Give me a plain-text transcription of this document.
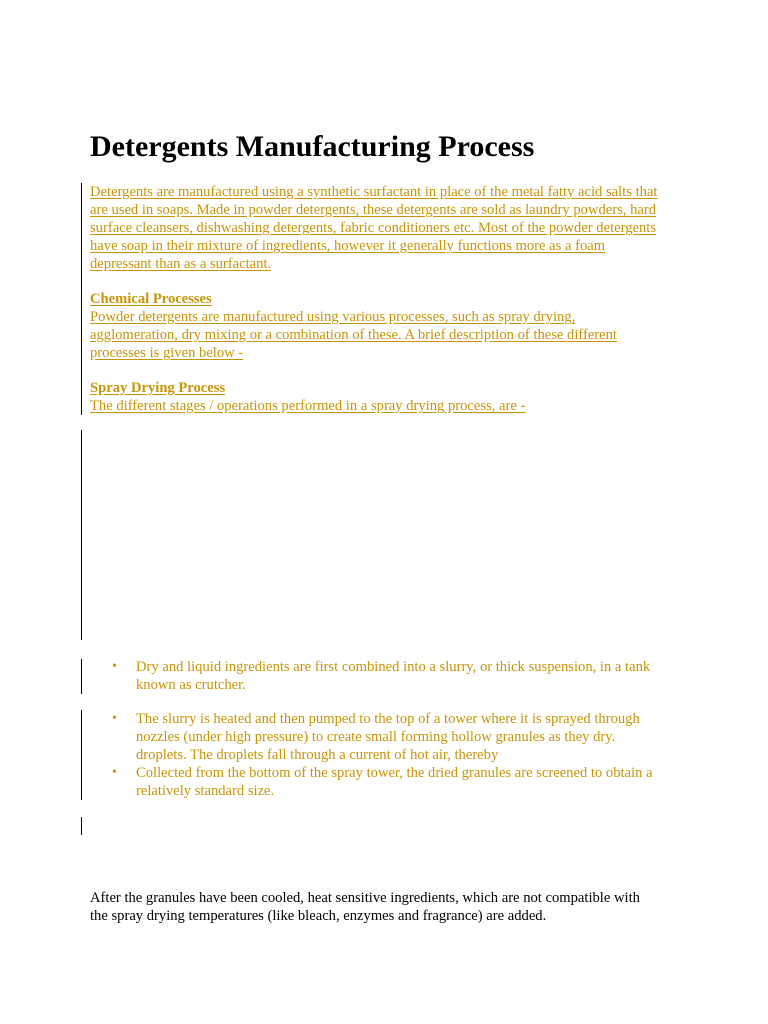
Detergents Manufacturing Process
Detergents are manufactured using a synthetic surfactant in place of the metal fatty acid salts that
are used in soaps. Made in powder detergents, these detergents are sold as laundry powders, hard
surface cleansers, dishwashing detergents, fabric conditioners etc. Most of the powder detergents
have soap in their mixture of ingredients, however it generally functions more as a foam
depressant than as a surfactant.
Chemical Processes
Powder detergents are manufactured using various processes, such as spray drying,
agglomeration, dry mixing or a combination of these. A brief description of these different
processes is given below -
Spray Drying Process
The different stages / operations performed in a spray drying process, are -
• Dry and liquid ingredients are first combined into a slurry, or thick suspension, in a tank
known as crutcher.
• The slurry is heated and then pumped to the top of a tower where it is sprayed through
nozzles (under high pressure) to create small forming hollow granules as they dry.
droplets. The droplets fall through a current of hot air, thereby
• Collected from the bottom of the spray tower, the dried granules are screened to obtain a
relatively standard size.
After the granules have been cooled, heat sensitive ingredients, which are not compatible with
the spray drying temperatures (like bleach, enzymes and fragrance) are added.
